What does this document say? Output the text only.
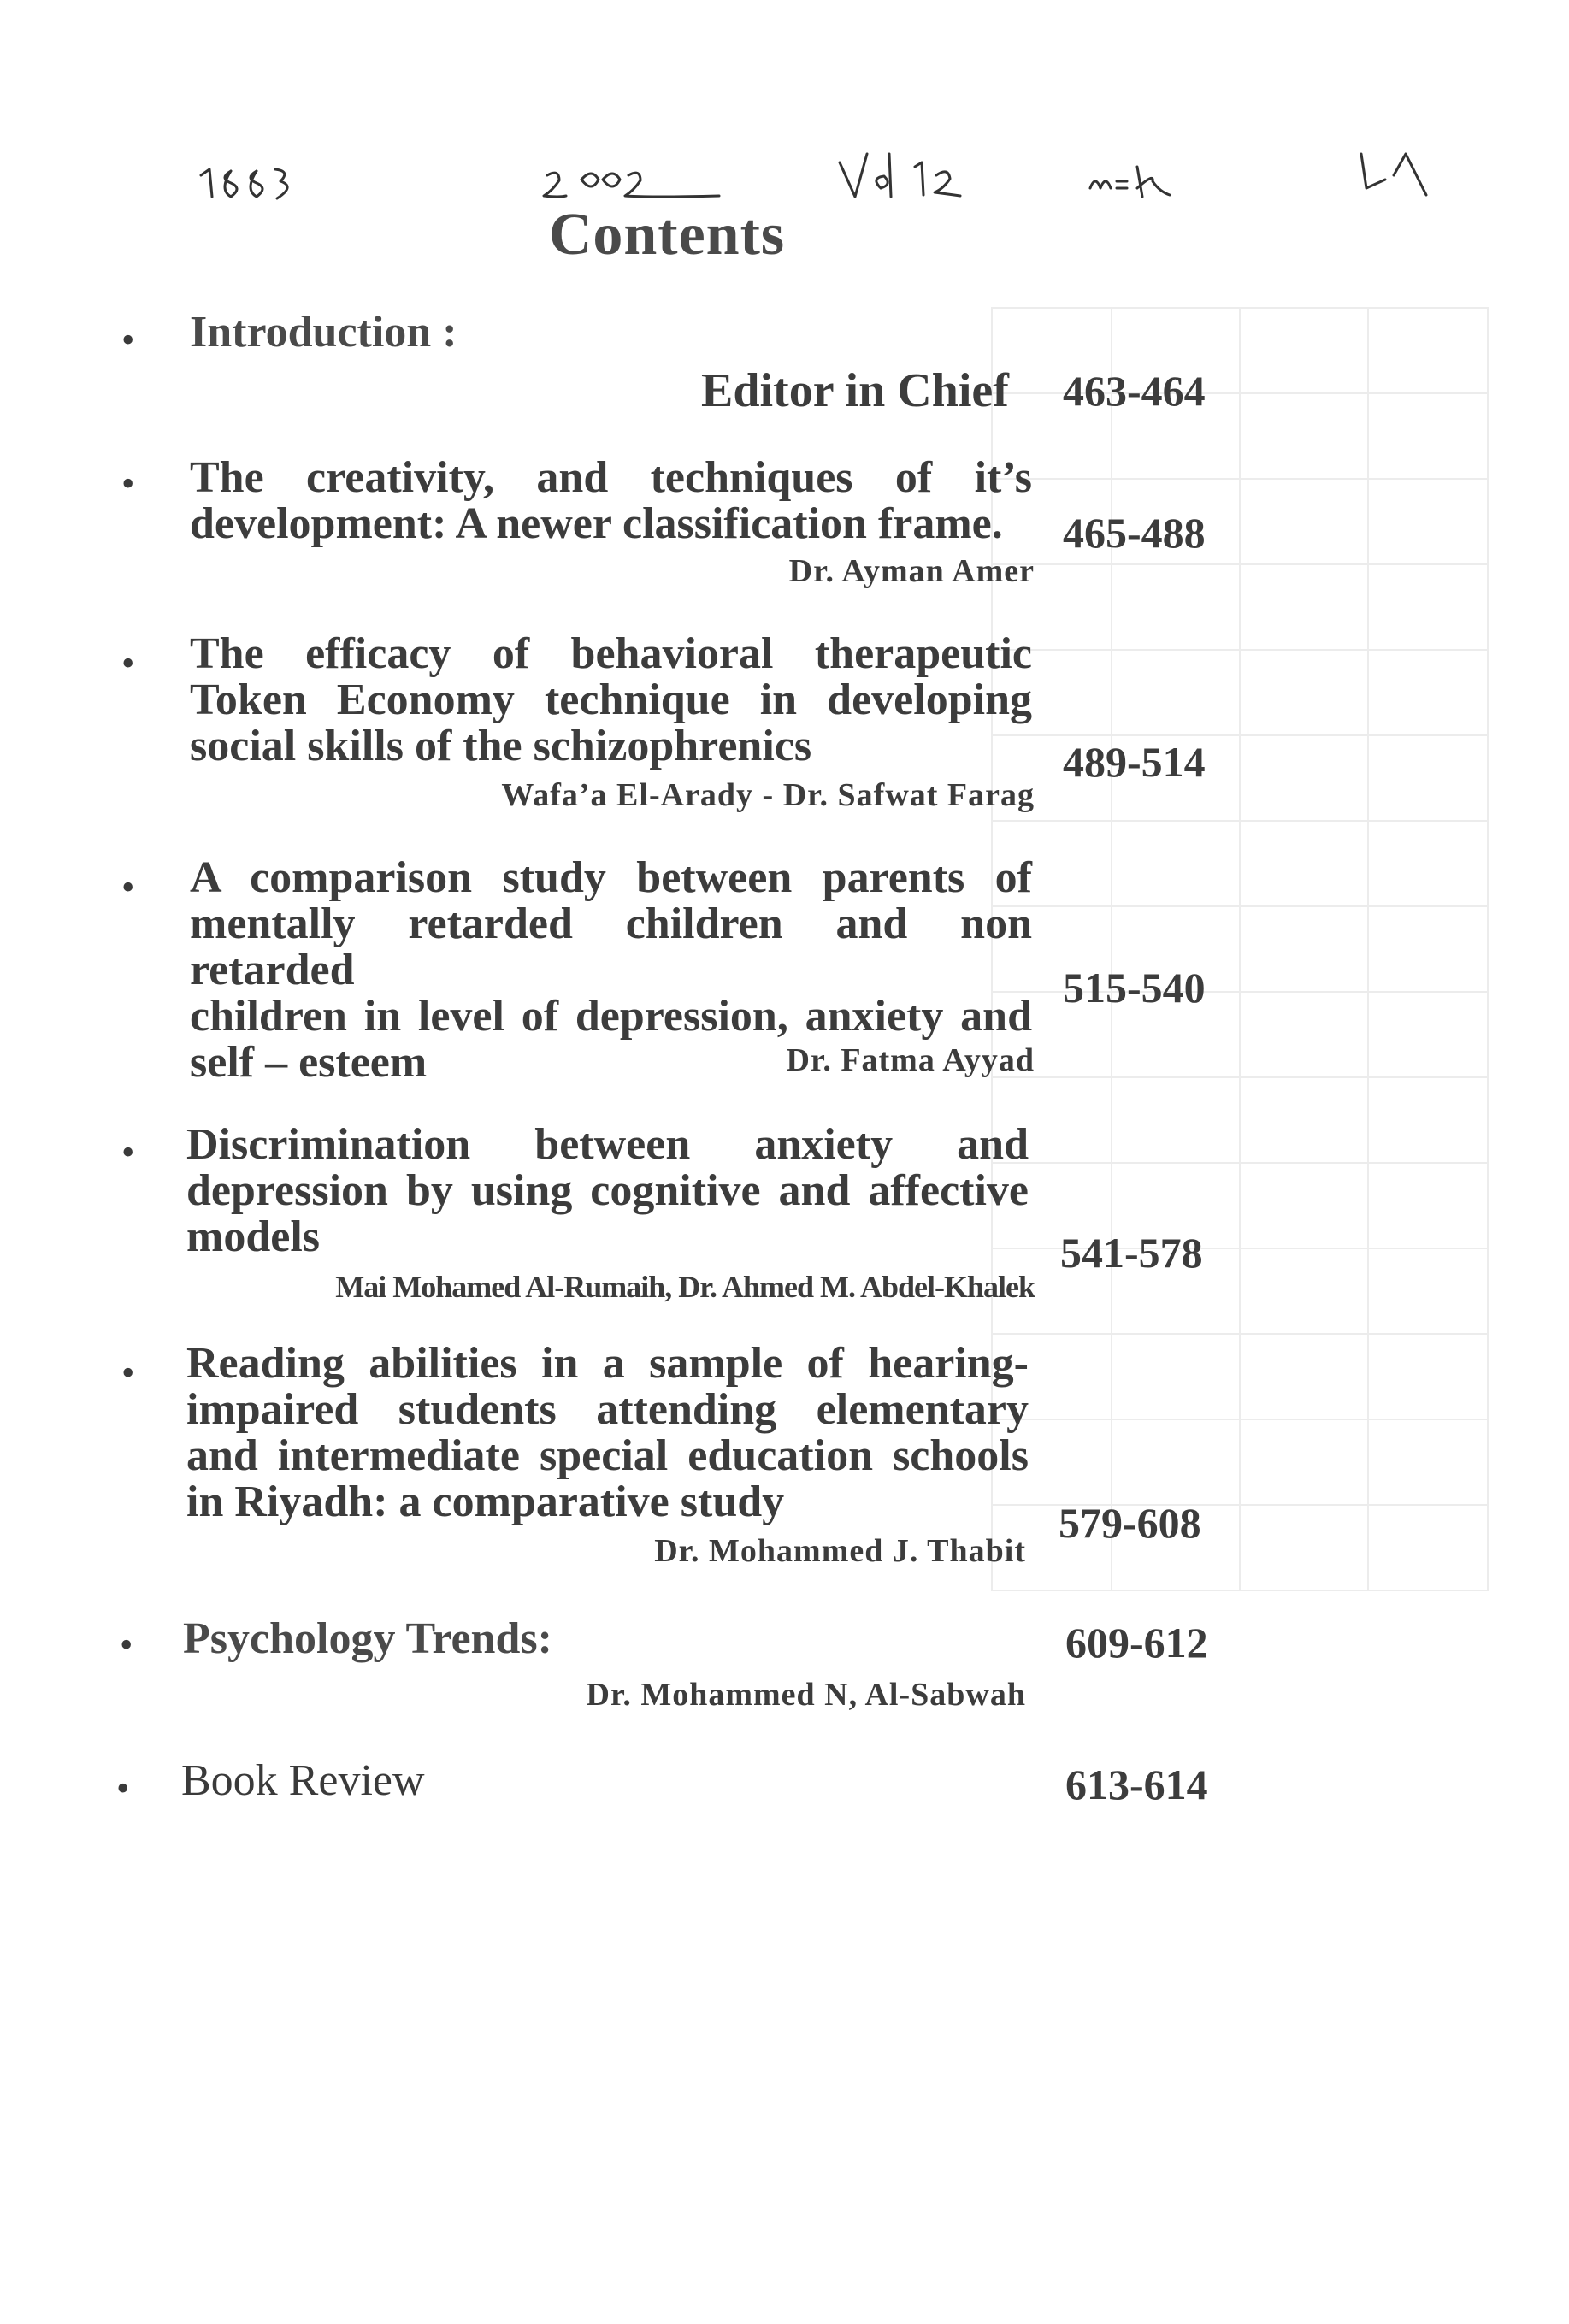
Contents
• Introduction :
Editor in Chief 463-464
• The creativity, and techniques of it’s
development: A newer classification frame.
Dr. Ayman Amer
465-488
• The efficacy of behavioral therapeutic
Token Economy technique in developing
social skills of the schizophrenics
Wafa’a El-Arady - Dr. Safwat Farag
489-514
• A comparison study between parents of
mentally retarded children and non retarded
children in level of depression, anxiety and
self – esteem	Dr. Fatma Ayyad
515-540
• Discrimination between anxiety and
depression by using cognitive and affective
models
Mai Mohamed Al-Rumaih, Dr. Ahmed M. Abdel-Khalek
541-578
• Reading abilities in a sample of hearing-
impaired students attending elementary
and intermediate special education schools
in Riyadh: a comparative study
Dr. Mohammed J. Thabit
579-608
• Psychology Trends:
Dr. Mohammed N, Al-Sabwah
609-612
• Book Review	613-614
